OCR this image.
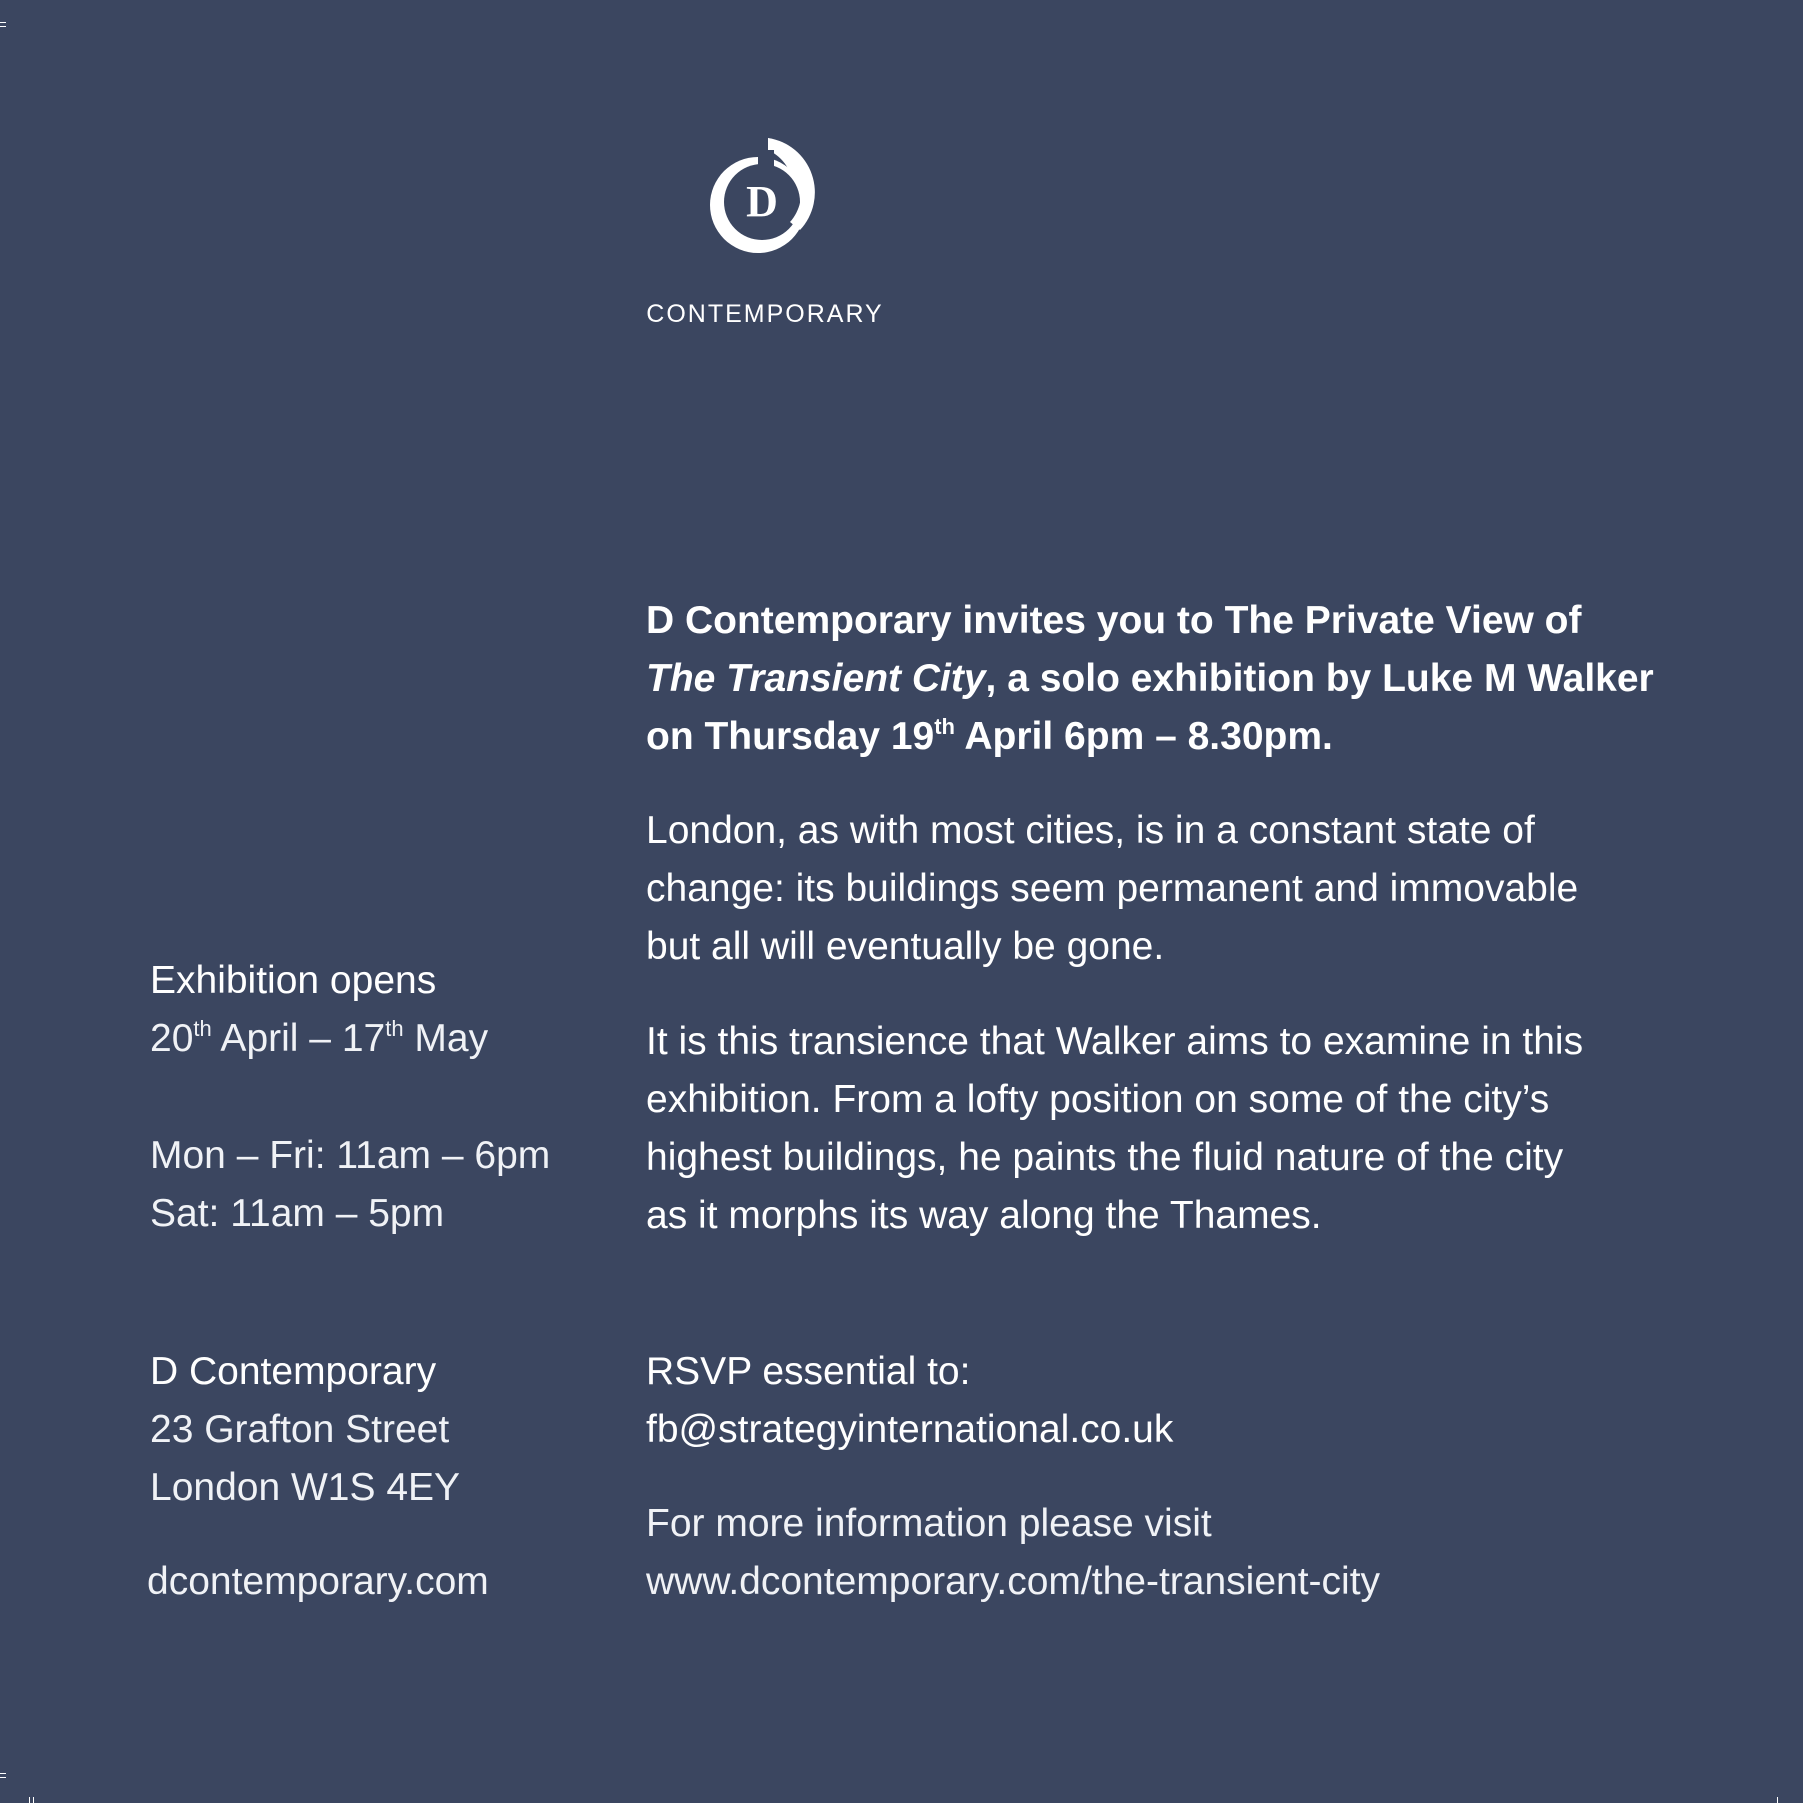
D
CONTEMPORARY
D Contemporary invites you to The Private View of
The Transient City, a solo exhibition by Luke M Walker
on Thursday 19th April 6pm – 8.30pm.
London, as with most cities, is in a constant state of
change: its buildings seem permanent and immovable
but all will eventually be gone.
It is this transience that Walker aims to examine in this
exhibition. From a lofty position on some of the city’s
highest buildings, he paints the fluid nature of the city
as it morphs its way along the Thames.
RSVP essential to:
fb@strategyinternational.co.uk
For more information please visit
www.dcontemporary.com/the-transient-city
Exhibition opens
20th April – 17th May
Mon – Fri: 11am – 6pm
Sat: 11am – 5pm
D Contemporary
23 Grafton Street
London W1S 4EY
dcontemporary.com
